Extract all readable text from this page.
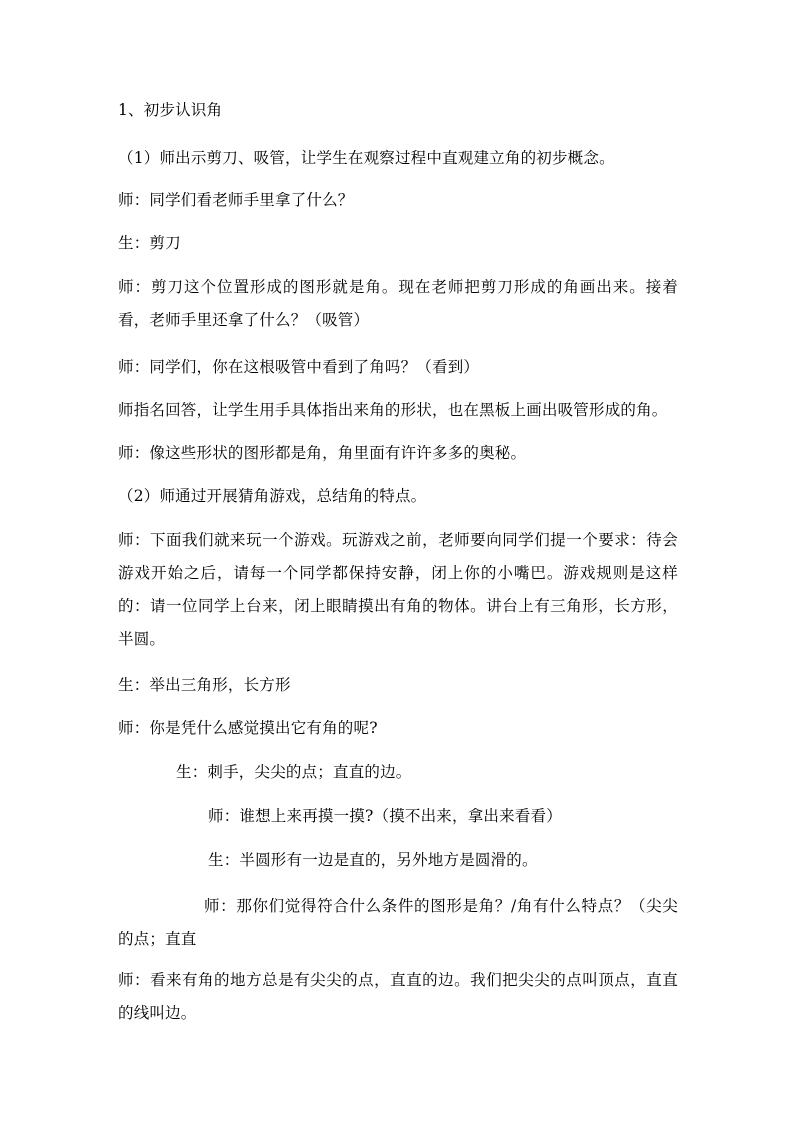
1、初步认识角
（1）师出示剪刀、吸管，让学生在观察过程中直观建立角的初步概念。
师：同学们看老师手里拿了什么？
生：剪刀
师：剪刀这个位置形成的图形就是角。现在老师把剪刀形成的角画出来。接着看，老师手里还拿了什么？（吸管）
师：同学们，你在这根吸管中看到了角吗？（看到）
师指名回答，让学生用手具体指出来角的形状，也在黑板上画出吸管形成的角。
师：像这些形状的图形都是角，角里面有许许多多的奥秘。
（2）师通过开展猜角游戏，总结角的特点。
师：下面我们就来玩一个游戏。玩游戏之前，老师要向同学们提一个要求：待会游戏开始之后，请每一个同学都保持安静，闭上你的小嘴巴。游戏规则是这样的：请一位同学上台来，闭上眼睛摸出有角的物体。讲台上有三角形，长方形，半圆。
生：举出三角形，长方形
师：你是凭什么感觉摸出它有角的呢?
生：刺手，尖尖的点；直直的边。
师：谁想上来再摸一摸?（摸不出来，拿出来看看）
生：半圆形有一边是直的，另外地方是圆滑的。
师：那你们觉得符合什么条件的图形是角？/角有什么特点？（尖尖的点；直直
师：看来有角的地方总是有尖尖的点，直直的边。我们把尖尖的点叫顶点，直直的线叫边。
